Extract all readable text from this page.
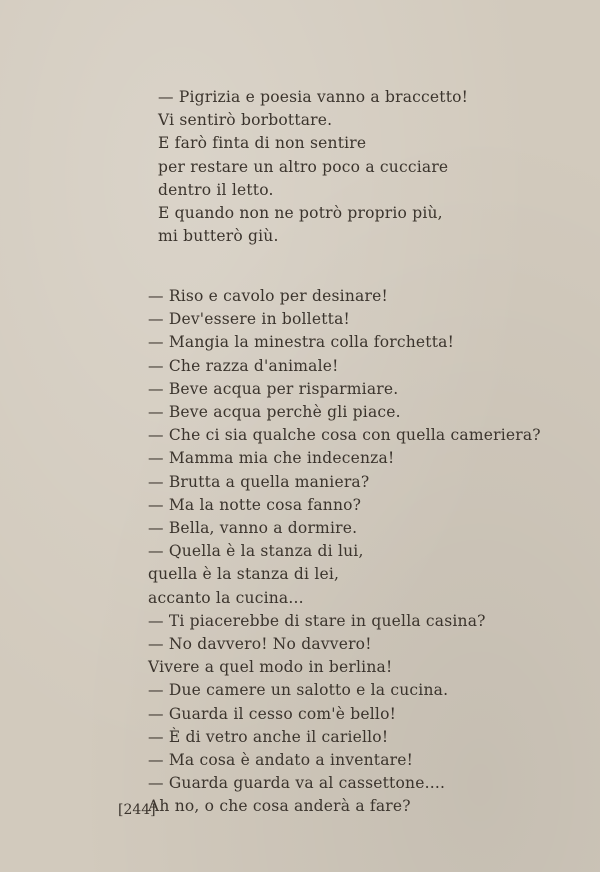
— Pigrizia e poesia vanno a braccetto!
Vi sentirò borbottare.
E farò finta di non sentire
per restare un altro poco a cucciare
dentro il letto.
E quando non ne potrò proprio più,
mi butterò giù.
— Riso e cavolo per desinare!
— Dev'essere in bolletta!
— Mangia la minestra colla forchetta!
— Che razza d'animale!
— Beve acqua per risparmiare.
— Beve acqua perchè gli piace.
— Che ci sia qualche cosa con quella cameriera?
— Mamma mia che indecenza!
— Brutta a quella maniera?
— Ma la notte cosa fanno?
— Bella, vanno a dormire.
— Quella è la stanza di lui,
quella è la stanza di lei,
accanto la cucina...
— Ti piacerebbe di stare in quella casina?
— No davvero! No davvero!
Vivere a quel modo in berlina!
— Due camere un salotto e la cucina.
— Guarda il cesso com'è bello!
— È di vetro anche il cariello!
— Ma cosa è andato a inventare!
— Guarda guarda va al cassettone....
Ah no, o che cosa anderà a fare?
[244]
